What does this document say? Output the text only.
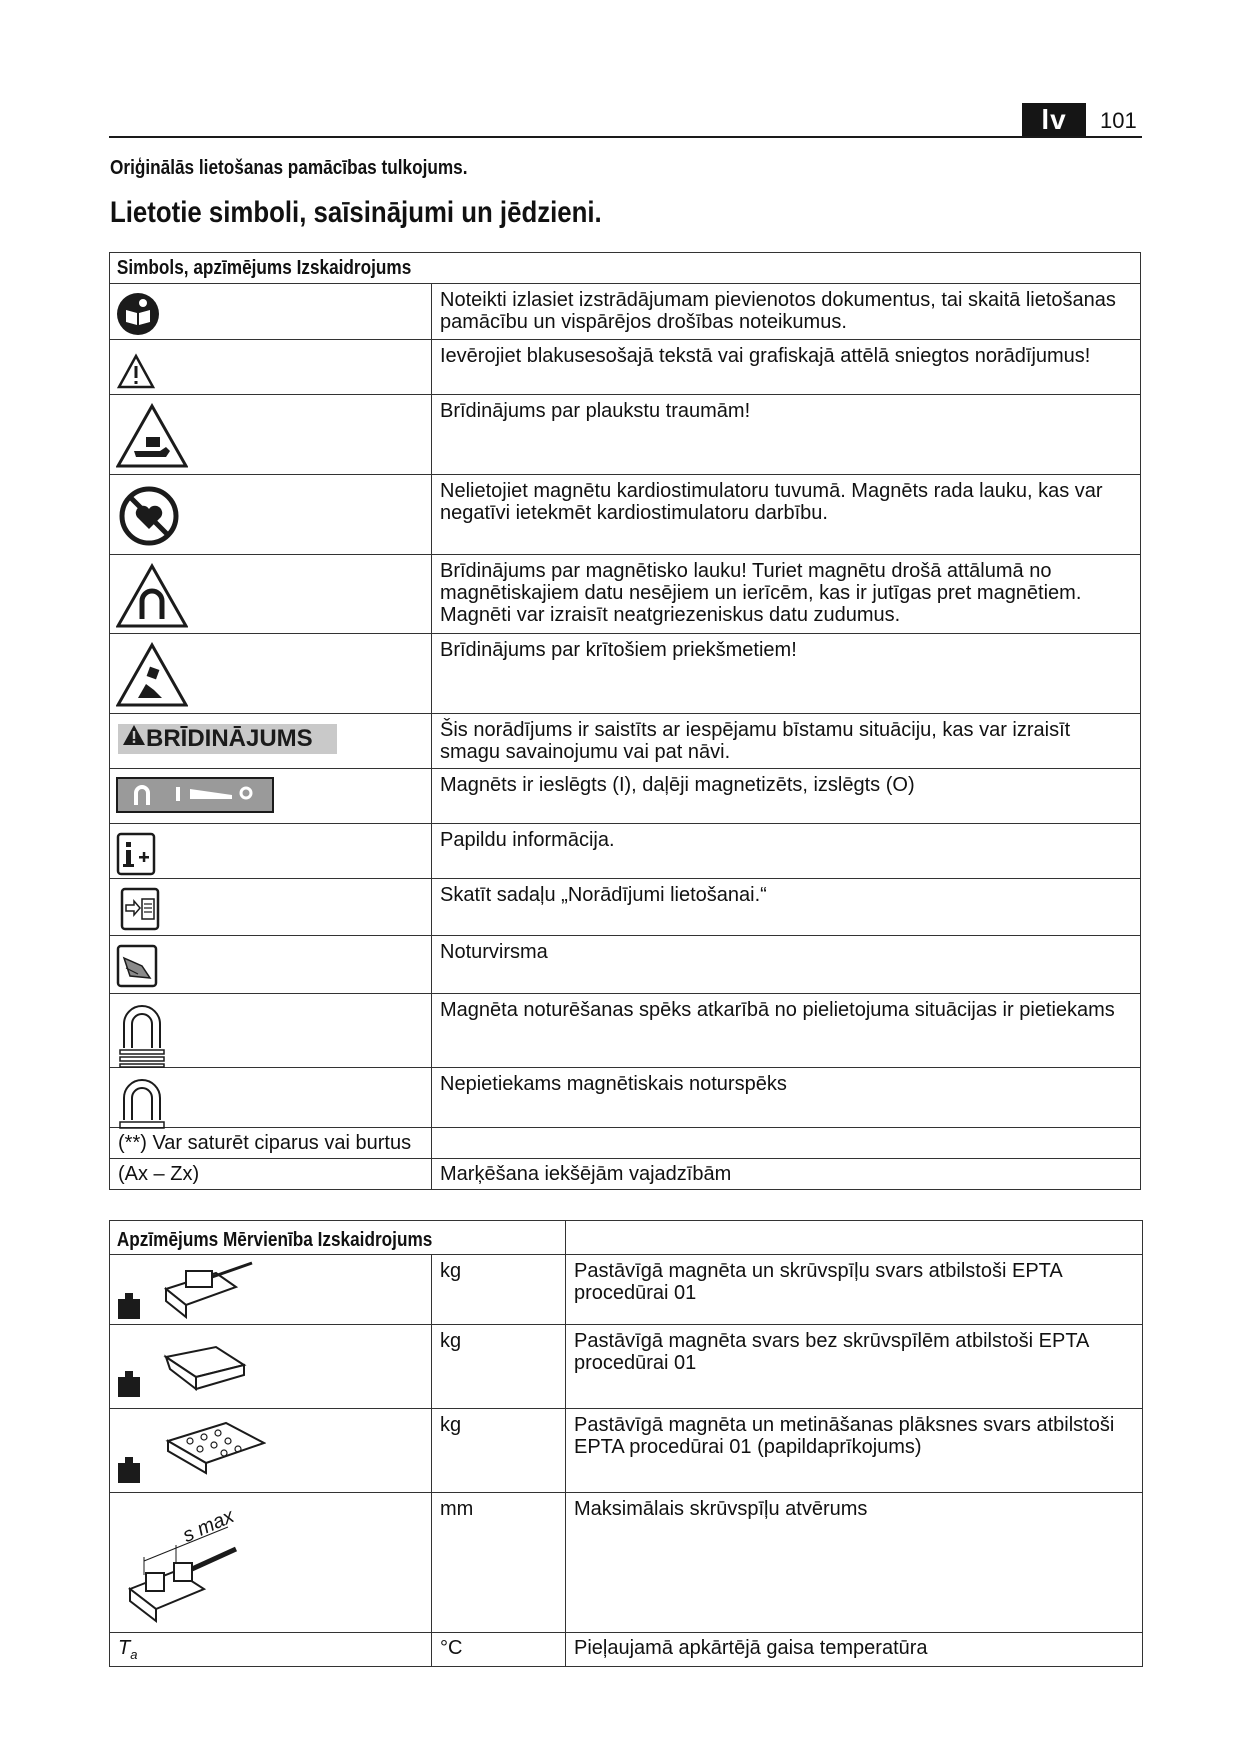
lv	101
Oriģinālās lietošanas pamācības tulkojums.
Lietotie simboli, saīsinājumi un jēdzieni.
Simbols, apzīmējums Izskaidrojums	

Noteikti izlasiet izstrādājumam pievienotos dokumentus, tai skaitā lietošanas pamācību un vispārējos drošības noteikumus.

Ievērojiet blakusesošajā tekstā vai grafiskajā attēlā sniegtos norādījumus!

Brīdinājums par plaukstu traumām!

Nelietojiet magnētu kardiostimulatoru tuvumā. Magnēts rada lauku, kas var negatīvi ietekmēt kardiostimulatoru darbību.

Brīdinājums par magnētisko lauku! Turiet magnētu drošā attālumā no magnētiskajiem datu nesējiem un ierīcēm, kas ir jutīgas pret magnētiem. Magnēti var izraisīt neatgriezeniskus datu zudumus.

Brīdinājums par krītošiem priekšmetiem!

BRĪDINĀJUMS	Šis norādījums ir saistīts ar iespējamu bīstamu situāciju, kas var izraisīt smagu savainojumu vai pat nāvi.

Magnēts ir ieslēgts (I), daļēji magnetizēts, izslēgts (O)

Papildu informācija.

Skatīt sadaļu „Norādījumi lietošanai.“

Noturvirsma

Magnēta noturēšanas spēks atkarībā no pielietojuma situācijas ir pietiekams

Nepietiekams magnētiskais noturspēks

(**) Var saturēt ciparus vai burtus	

(Ax – Zx)	Marķēšana iekšējām vajadzībām
Apzīmējums Mērvienība Izskaidrojums		

kg	Pastāvīgā magnēta un skrūvspīļu svars atbilstoši EPTA procedūrai 01

kg	Pastāvīgā magnēta svars bez skrūvspīlēm atbilstoši EPTA procedūrai 01

kg	Pastāvīgā magnēta un metināšanas plāksnes svars atbilstoši EPTA procedūrai 01 (papildaprīkojums)

s max	mm	Maksimālais skrūvspīļu atvērums

$T_a$	°C	Pieļaujamā apkārtējā gaisa temperatūra
